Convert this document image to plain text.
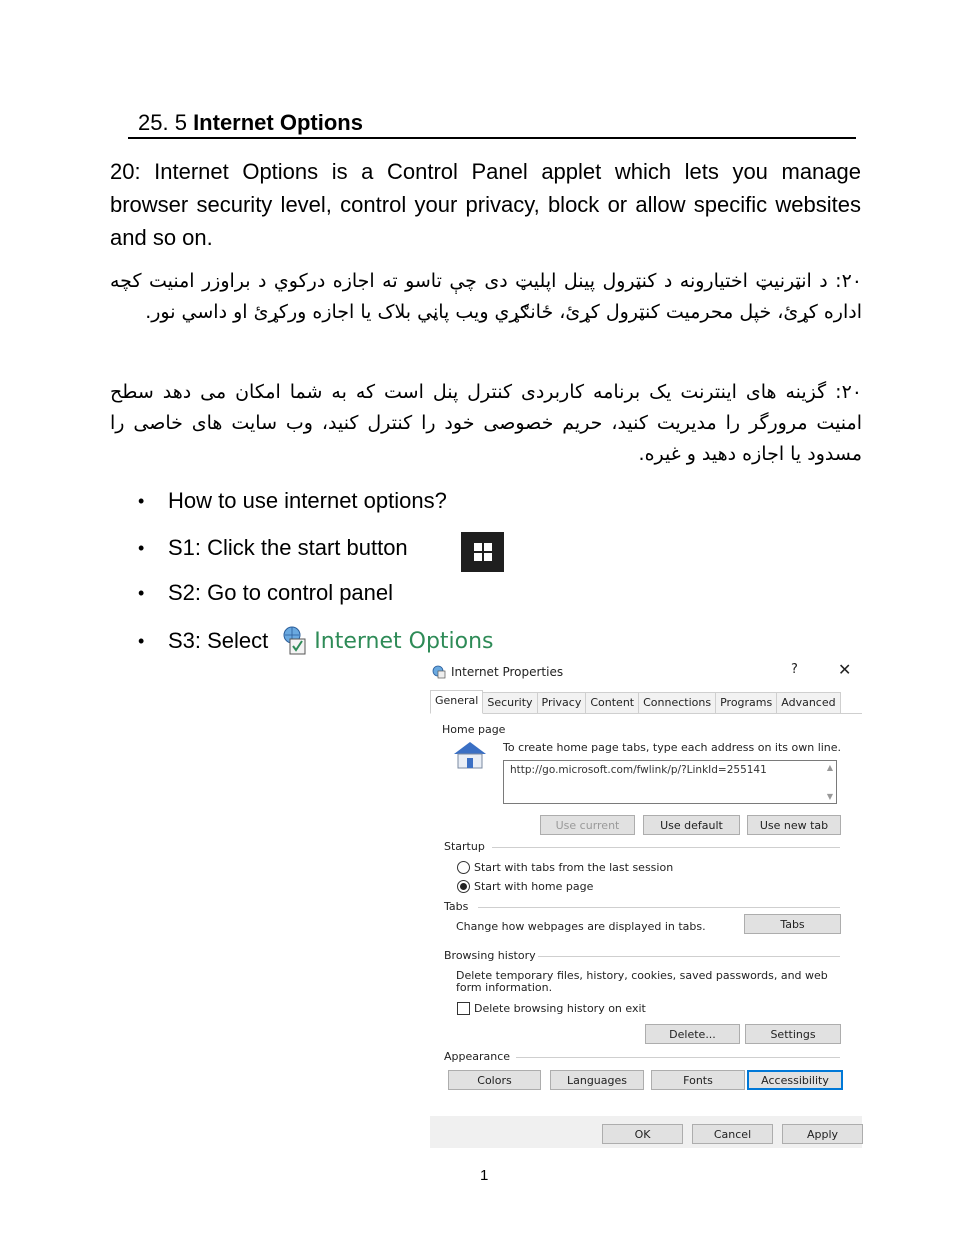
25. 5 Internet Options
20: Internet Options is a Control Panel applet which lets you manage browser security level, control your privacy, block or allow specific websites and so on.
۲۰: د انټرنيټ اختيارونه د کنټرول پينل اپليټ دی چې تاسو ته اجازه درکوي د براوزر امنيت کچه اداره کړئ، خپل محرميت کنټرول کړئ، ځانګړي ويب پاڼي بلاک يا اجازه ورکړئ او داسي نور.
۲۰: گزینه های اینترنت یک برنامه کاربردی کنترل پنل است که به شما امکان می دهد سطح امنیت مرورگر را مدیریت کنید، حریم خصوصی خود را کنترل کنید، وب سایت های خاصی را مسدود یا اجازه دهید و غیره.
•	How to use internet options?
•	S1: Click the start button
•	S2: Go to control panel
•	S3: Select Internet Options
Internet Properties	?	✕
General Security Privacy Content Connections Programs Advanced
Home page
To create home page tabs, type each address on its own line.
http://go.microsoft.com/fwlink/p/?LinkId=255141	▲
▼
Use current	Use default	Use new tab
Startup
Start with tabs from the last session
Start with home page
Tabs
Change how webpages are displayed in tabs.	Tabs
Browsing history
Delete temporary files, history, cookies, saved passwords, and web
form information.
Delete browsing history on exit
Delete...	Settings
Appearance
Colors	Languages	Fonts	Accessibility
OK	Cancel	Apply
1
